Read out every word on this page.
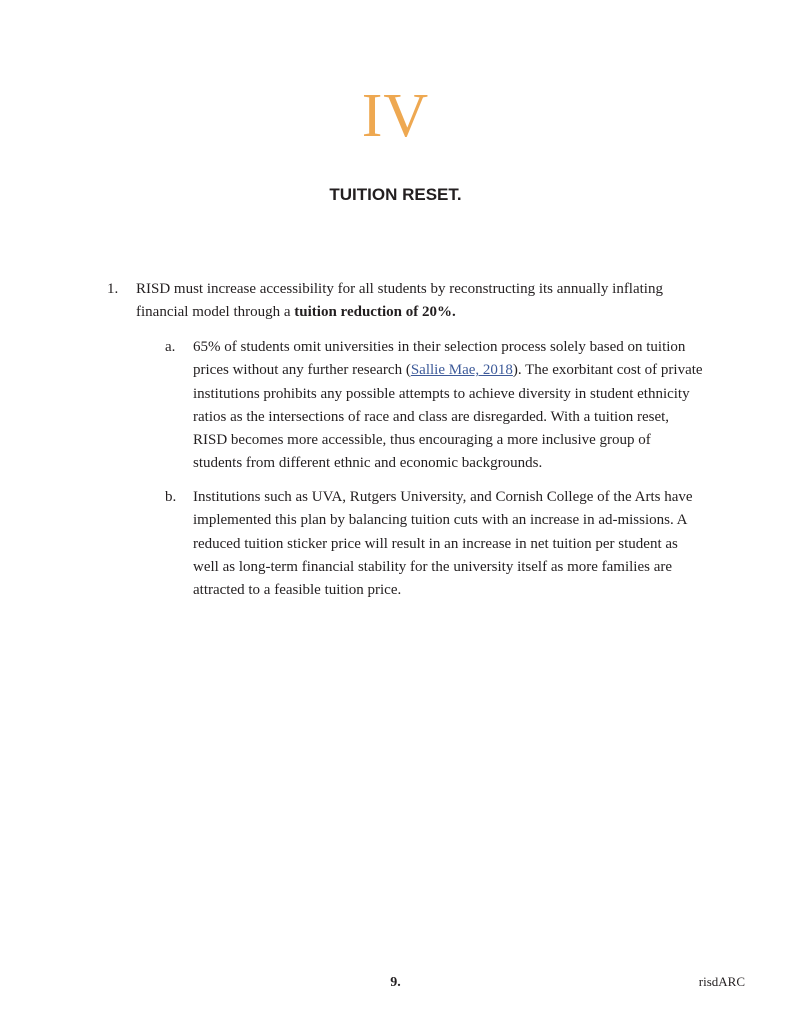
IV
TUITION RESET.
1. RISD must increase accessibility for all students by reconstructing its annually inflating financial model through a tuition reduction of 20%.
a. 65% of students omit universities in their selection process solely based on tuition prices without any further research (Sallie Mae, 2018). The exorbitant cost of private institutions prohibits any possible attempts to achieve diversity in student ethnicity ratios as the intersections of race and class are disregarded. With a tuition reset, RISD becomes more accessible, thus encouraging a more inclusive group of students from different ethnic and economic backgrounds.
b. Institutions such as UVA, Rutgers University, and Cornish College of the Arts have implemented this plan by balancing tuition cuts with an increase in ad-missions. A reduced tuition sticker price will result in an increase in net tuition per student as well as long-term financial stability for the university itself as more families are attracted to a feasible tuition price.
9.	risdARC
